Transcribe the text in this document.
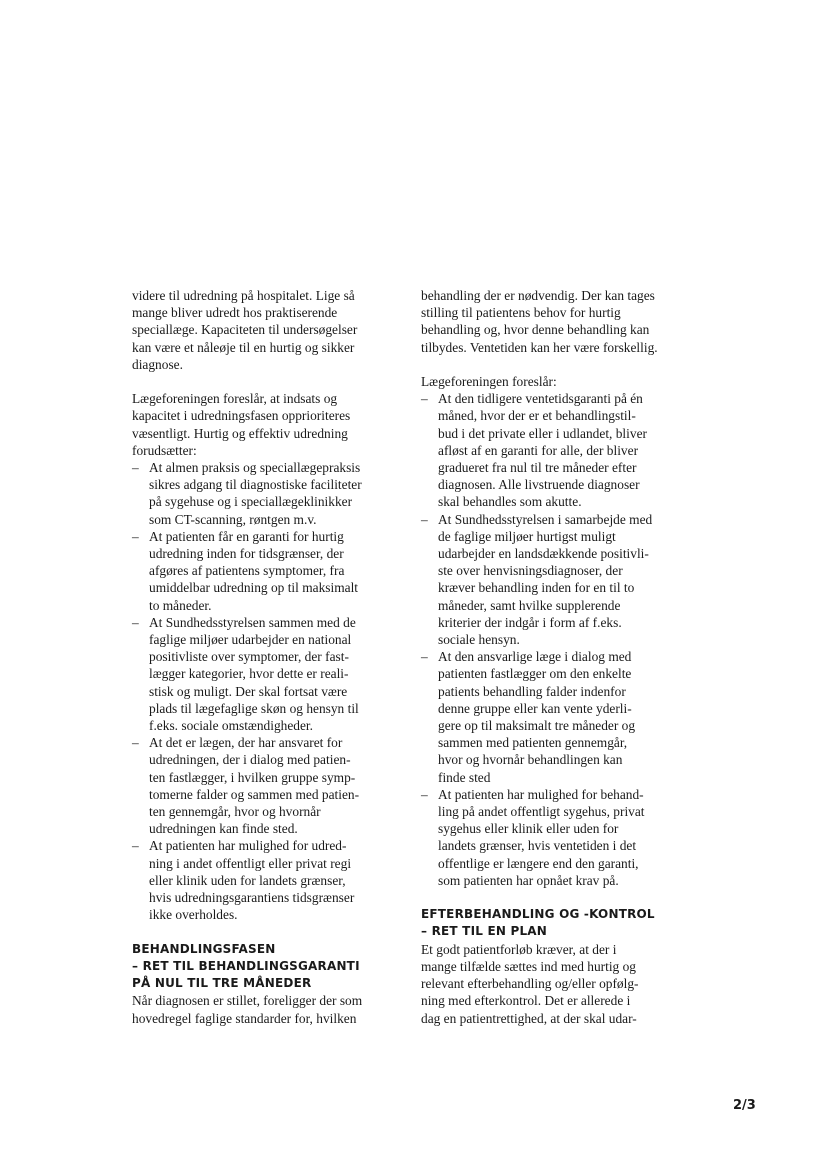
videre til udredning på hospitalet. Lige så
mange bliver udredt hos praktiserende
speciallæge. Kapaciteten til undersøgelser
kan være et nåleøje til en hurtig og sikker
diagnose.

Lægeforeningen foreslår, at indsats og
kapacitet i udredningsfasen opprioriteres
væsentligt. Hurtig og effektiv udredning
forudsætter:

– At almen praksis og speciallægepraksis
sikres adgang til diagnostiske faciliteter
på sygehuse og i speciallægeklinikker
som CT-scanning, røntgen m.v.
– At patienten får en garanti for hurtig
udredning inden for tidsgrænser, der
afgøres af patientens symptomer, fra
umiddelbar udredning op til maksimalt
to måneder.
– At Sundhedsstyrelsen sammen med de
faglige miljøer udarbejder en national
positivliste over symptomer, der fast-
lægger kategorier, hvor dette er reali-
stisk og muligt. Der skal fortsat være
plads til lægefaglige skøn og hensyn til
f.eks. sociale omstændigheder.
– At det er lægen, der har ansvaret for
udredningen, der i dialog med patien-
ten fastlægger, i hvilken gruppe symp-
tomerne falder og sammen med patien-
ten gennemgår, hvor og hvornår
udredningen kan finde sted.
– At patienten har mulighed for udred-
ning i andet offentligt eller privat regi
eller klinik uden for landets grænser,
hvis udredningsgarantiens tidsgrænser
ikke overholdes.
BEHANDLINGSFASEN
– RET TIL BEHANDLINGSGARANTI
PÅ NUL TIL TRE MÅNEDER

Når diagnosen er stillet, foreligger der som
hovedregel faglige standarder for, hvilken

behandling der er nødvendig. Der kan tages
stilling til patientens behov for hurtig
behandling og, hvor denne behandling kan
tilbydes. Ventetiden kan her være forskellig.

Lægeforeningen foreslår:

– At den tidligere ventetidsgaranti på én
måned, hvor der er et behandlingstil-
bud i det private eller i udlandet, bliver
afløst af en garanti for alle, der bliver
gradueret fra nul til tre måneder efter
diagnosen. Alle livstruende diagnoser
skal behandles som akutte.
– At Sundhedsstyrelsen i samarbejde med
de faglige miljøer hurtigst muligt
udarbejder en landsdækkende positivli-
ste over henvisningsdiagnoser, der
kræver behandling inden for en til to
måneder, samt hvilke supplerende
kriterier der indgår i form af f.eks.
sociale hensyn.
– At den ansvarlige læge i dialog med
patienten fastlægger om den enkelte
patients behandling falder indenfor
denne gruppe eller kan vente yderli-
gere op til maksimalt tre måneder og
sammen med patienten gennemgår,
hvor og hvornår behandlingen kan
finde sted
– At patienten har mulighed for behand-
ling på andet offentligt sygehus, privat
sygehus eller klinik eller uden for
landets grænser, hvis ventetiden i det
offentlige er længere end den garanti,
som patienten har opnået krav på.
EFTERBEHANDLING OG -KONTROL
– RET TIL EN PLAN

Et godt patientforløb kræver, at der i
mange tilfælde sættes ind med hurtig og
relevant efterbehandling og/eller opfølg-
ning med efterkontrol. Det er allerede i
dag en patientrettighed, at der skal udar-

2/3
